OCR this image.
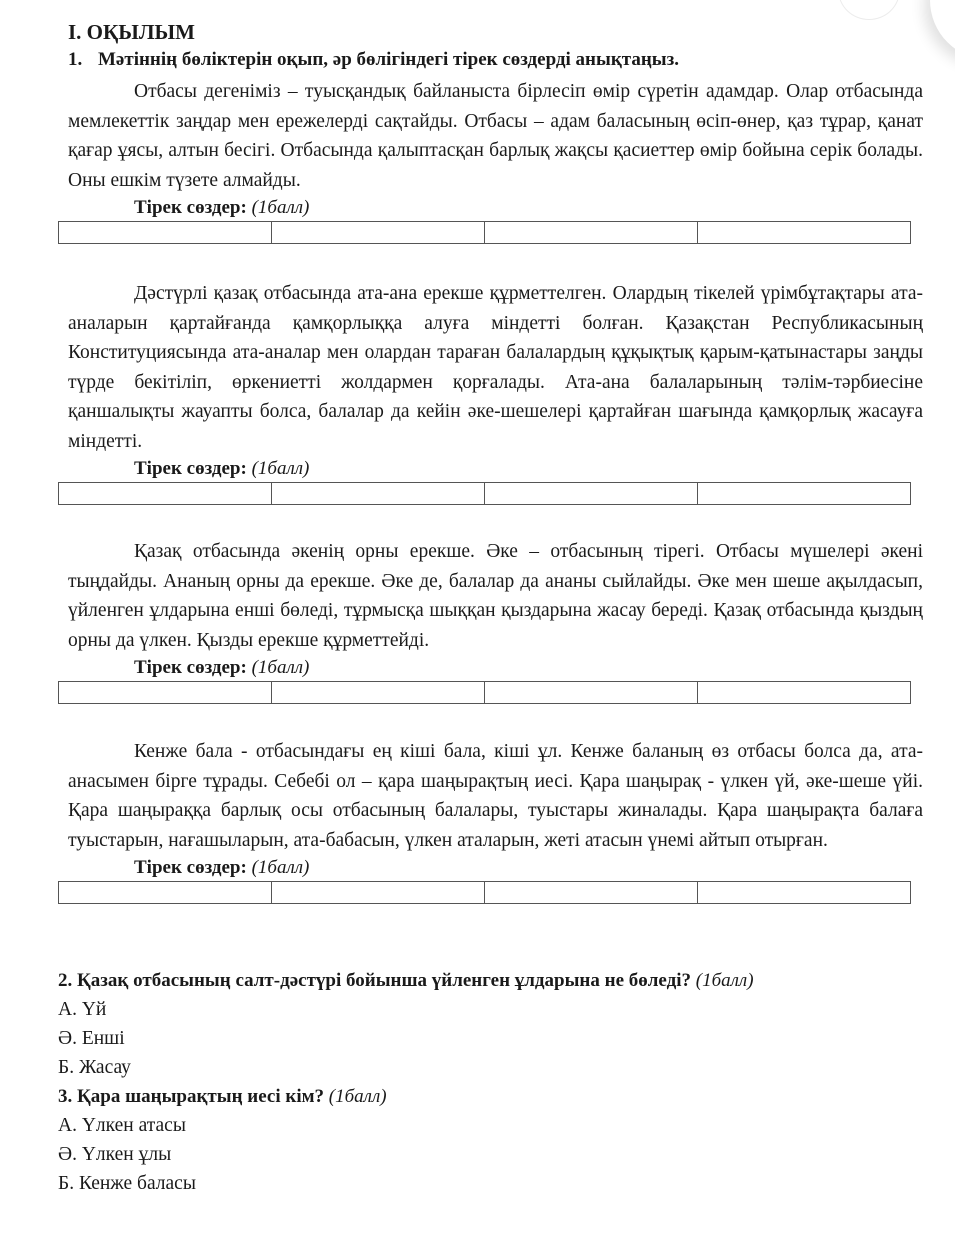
I. ОҚЫЛЫМ
1. Мәтіннің бөліктерін оқып, әр бөлігіндегі тірек сөздерді анықтаңыз.

Отбасы дегеніміз – туысқандық байланыста бірлесіп өмір сүретін адамдар. Олар отбасында мемлекеттік заңдар мен ережелерді сақтайды. Отбасы – адам баласының өсіп-өнер, қаз тұрар, қанат қағар ұясы, алтын бесігі. Отбасында қалыптасқан барлық жақсы қасиеттер өмір бойына серік болады. Оны ешкім түзете алмайды.

Тірек сөздер: (1балл)

Дәстүрлі қазақ отбасында ата-ана ерекше құрметтелген. Олардың тікелей үрімбұтақтары ата-аналарын қартайғанда қамқорлыққа алуға міндетті болған. Қазақстан Республикасының Конституциясында ата-аналар мен олардан тараған балалардың құқықтық қарым-қатынастары заңды түрде бекітіліп, өркениетті жолдармен қорғалады. Ата-ана балаларының тәлім-тәрбиесіне қаншалықты жауапты болса, балалар да кейін әке-шешелері қартайған шағында қамқорлық жасауға міндетті.

Тірек сөздер: (1балл)

Қазақ отбасында әкенің орны ерекше. Әке – отбасының тірегі. Отбасы мүшелері әкені тыңдайды. Ананың орны да ерекше. Әке де, балалар да ананы сыйлайды. Әке мен шеше ақылдасып, үйленген ұлдарына енші бөледі, тұрмысқа шыққан қыздарына жасау береді. Қазақ отбасында қыздың орны да үлкен. Қызды ерекше құрметтейді.

Тірек сөздер: (1балл)

Кенже бала - отбасындағы ең кіші бала, кіші ұл. Кенже баланың өз отбасы болса да, ата-анасымен бірге тұрады. Себебі ол – қара шаңырақтың иесі. Қара шаңырақ - үлкен үй, әке-шеше үйі. Қара шаңыраққа барлық осы отбасының балалары, туыстары жиналады. Қара шаңырақта балаға туыстарын, нағашыларын, ата-бабасын, үлкен аталарын, жеті атасын үнемі айтып отырған.

Тірек сөздер: (1балл)

2. Қазақ отбасының салт-дәстүрі бойынша үйленген ұлдарына не бөледі? (1балл)
А. Үй
Ә. Енші
Б. Жасау
3. Қара шаңырақтың иесі кім? (1балл)
А. Үлкен атасы
Ә. Үлкен ұлы
Б. Кенже баласы
